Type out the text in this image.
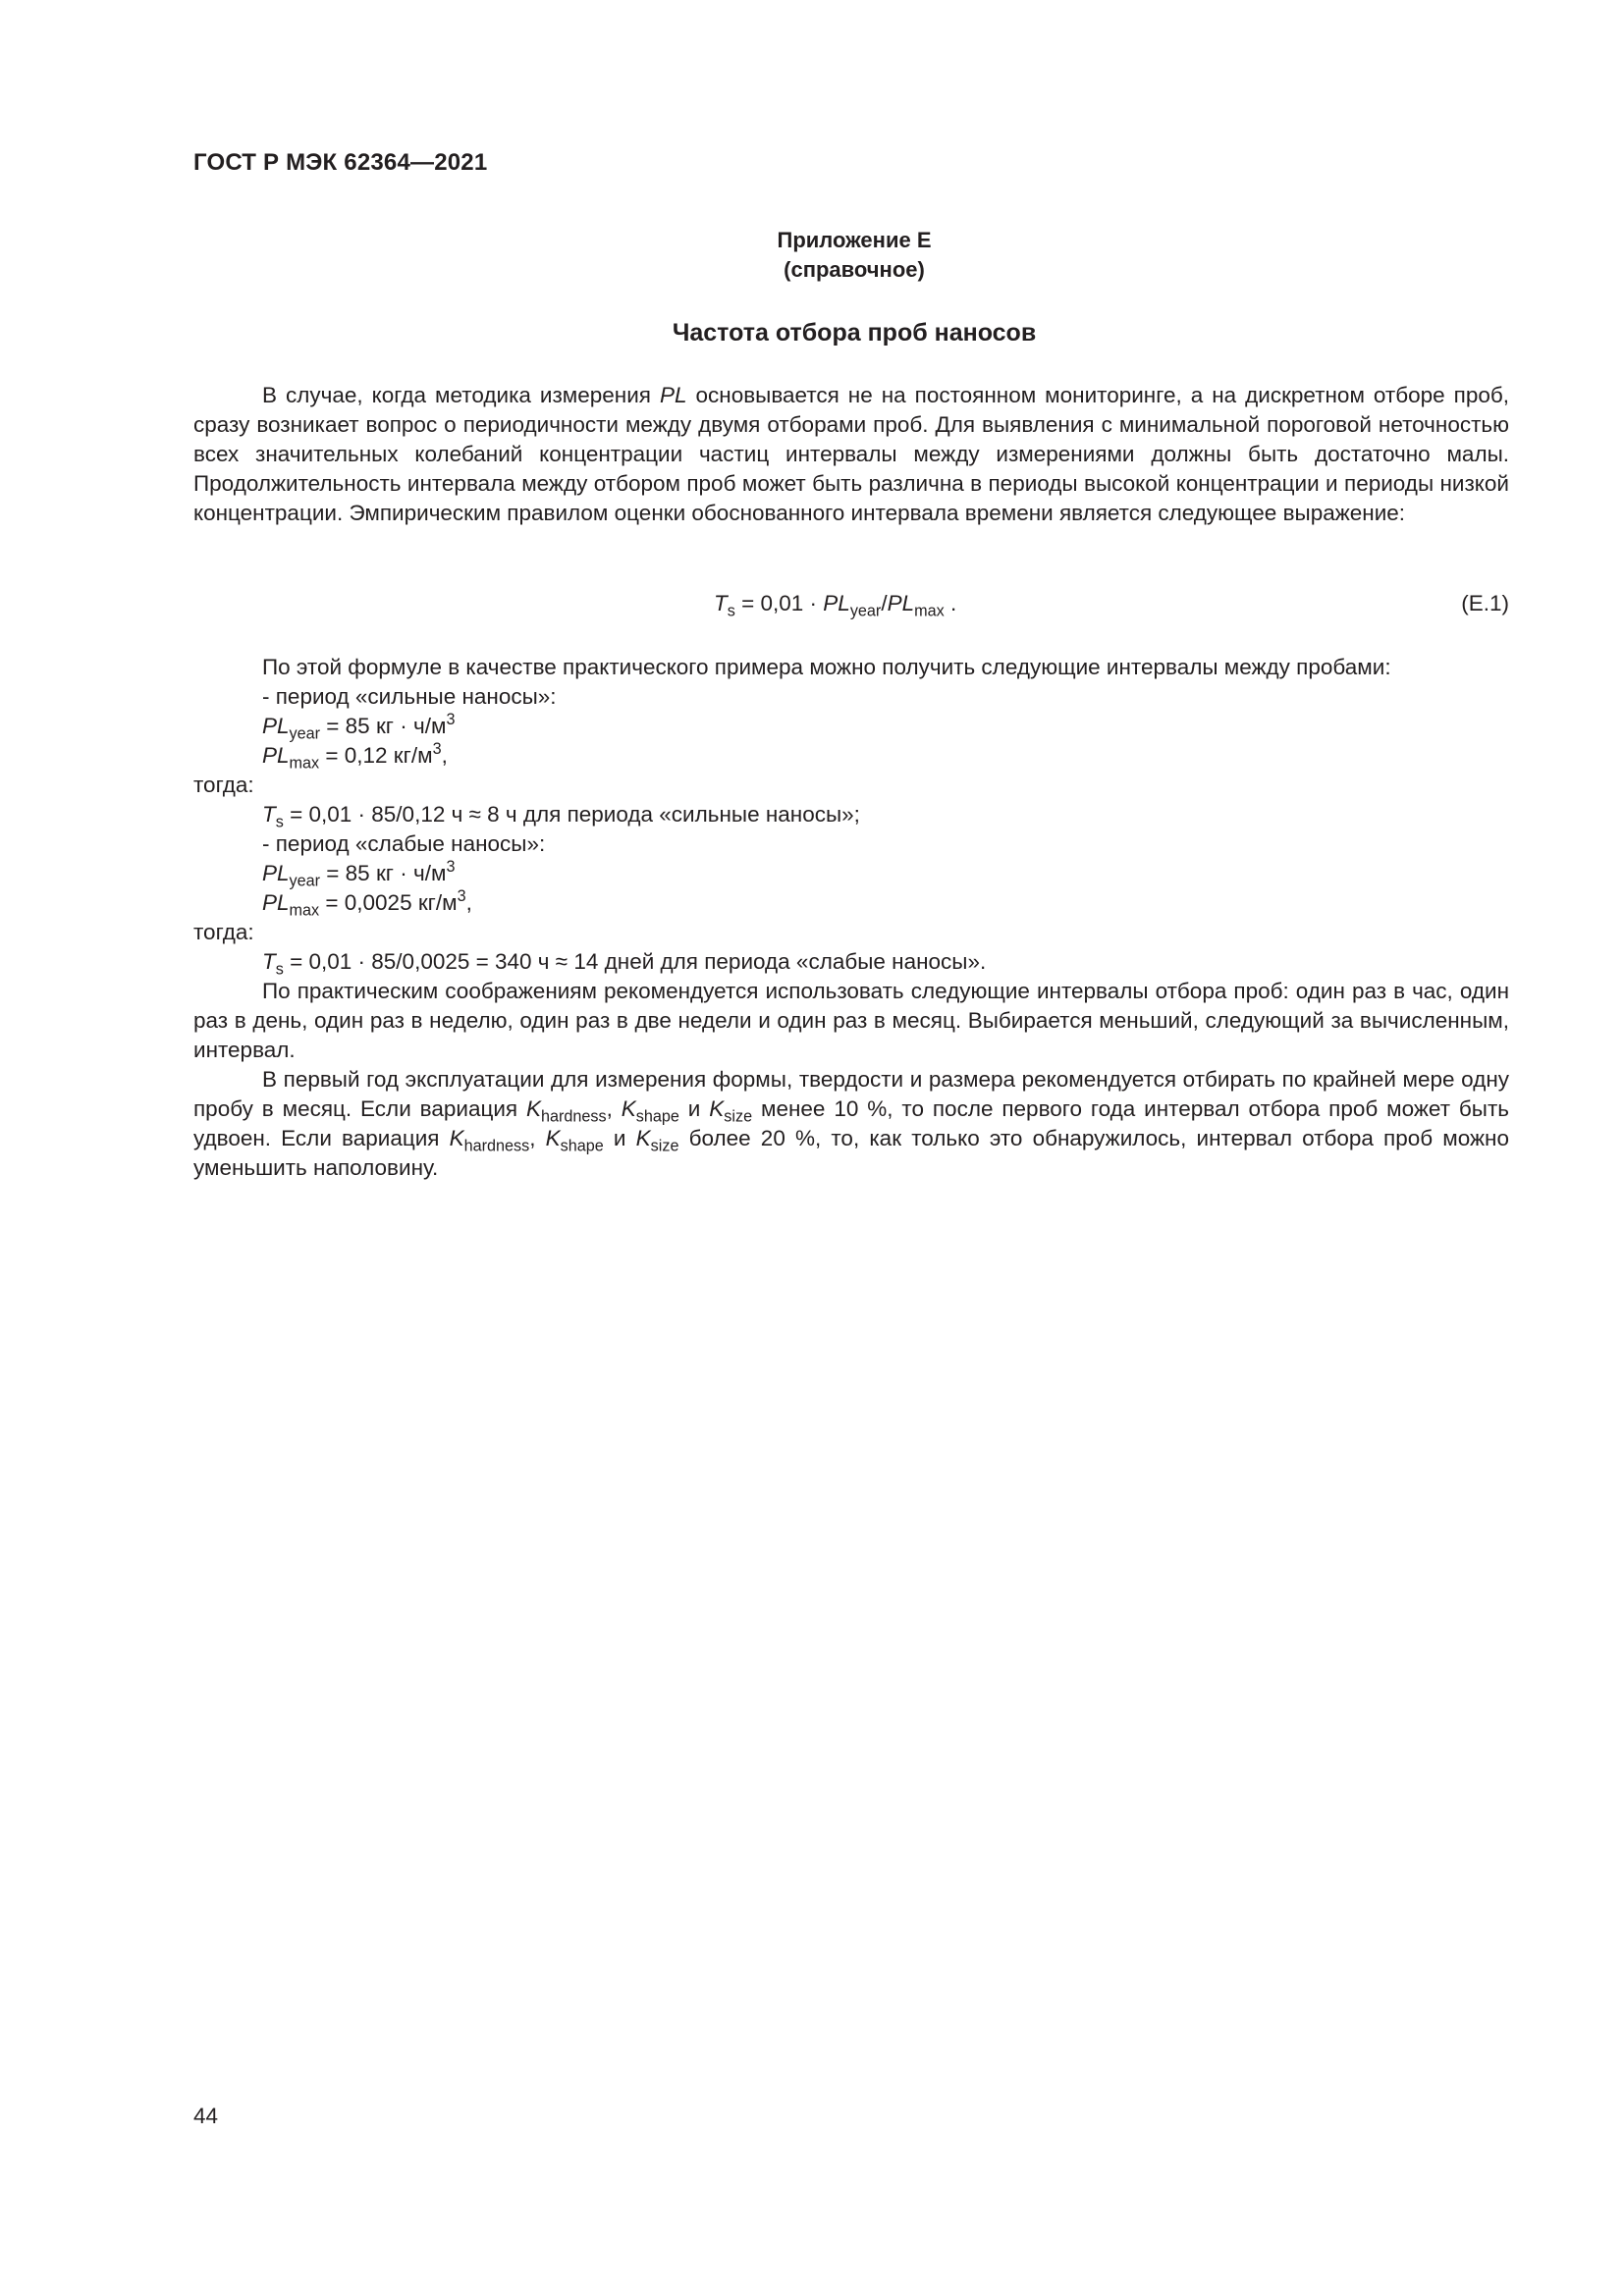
ГОСТ Р МЭК 62364—2021
Приложение Е
(справочное)
Частота отбора проб наносов

В случае, когда методика измерения PL основывается не на постоянном мониторинге, а на дискретном отборе проб, сразу возникает вопрос о периодичности между двумя отборами проб. Для выявления с минимальной пороговой неточностью всех значительных колебаний концентрации частиц интервалы между измерениями должны быть достаточно малы. Продолжительность интервала между отбором проб может быть различна в периоды высокой концентрации и периоды низкой концентрации. Эмпирическим правилом оценки обоснованного интервала времени является следующее выражение:

$T_s = 0,01 \cdot PL_{year}/PL_{max}$ .	(Е.1)

По этой формуле в качестве практического примера можно получить следующие интервалы между пробами:

- период «сильные наносы»:

$PL_{year} = 85$ кг · $ч/м^3$

$PL_{max} = 0,12$ $кг/м^3$,

тогда:

$T_s = 0,01 \cdot 85/0,12$ ч ≈ 8 ч для периода «сильные наносы»;

- период «слабые наносы»:

$PL_{year} = 85$ кг · $ч/м^3$

$PL_{max} = 0,0025$ $кг/м^3$,

тогда:

$T_s = 0,01 \cdot 85/0,0025 = 340$ ч ≈ 14 дней для периода «слабые наносы».

По практическим соображениям рекомендуется использовать следующие интервалы отбора проб: один раз в час, один раз в день, один раз в неделю, один раз в две недели и один раз в месяц. Выбирается меньший, следующий за вычисленным, интервал.

В первый год эксплуатации для измерения формы, твердости и размера рекомендуется отбирать по крайней мере одну пробу в месяц. Если вариация $K_{hardness}$, $K_{shape}$ и $K_{size}$ менее 10 %, то после первого года интервал отбора проб может быть удвоен. Если вариация $K_{hardness}$, $K_{shape}$ и $K_{size}$ более 20 %, то, как только это обнаружилось, интервал отбора проб можно уменьшить наполовину.

44
